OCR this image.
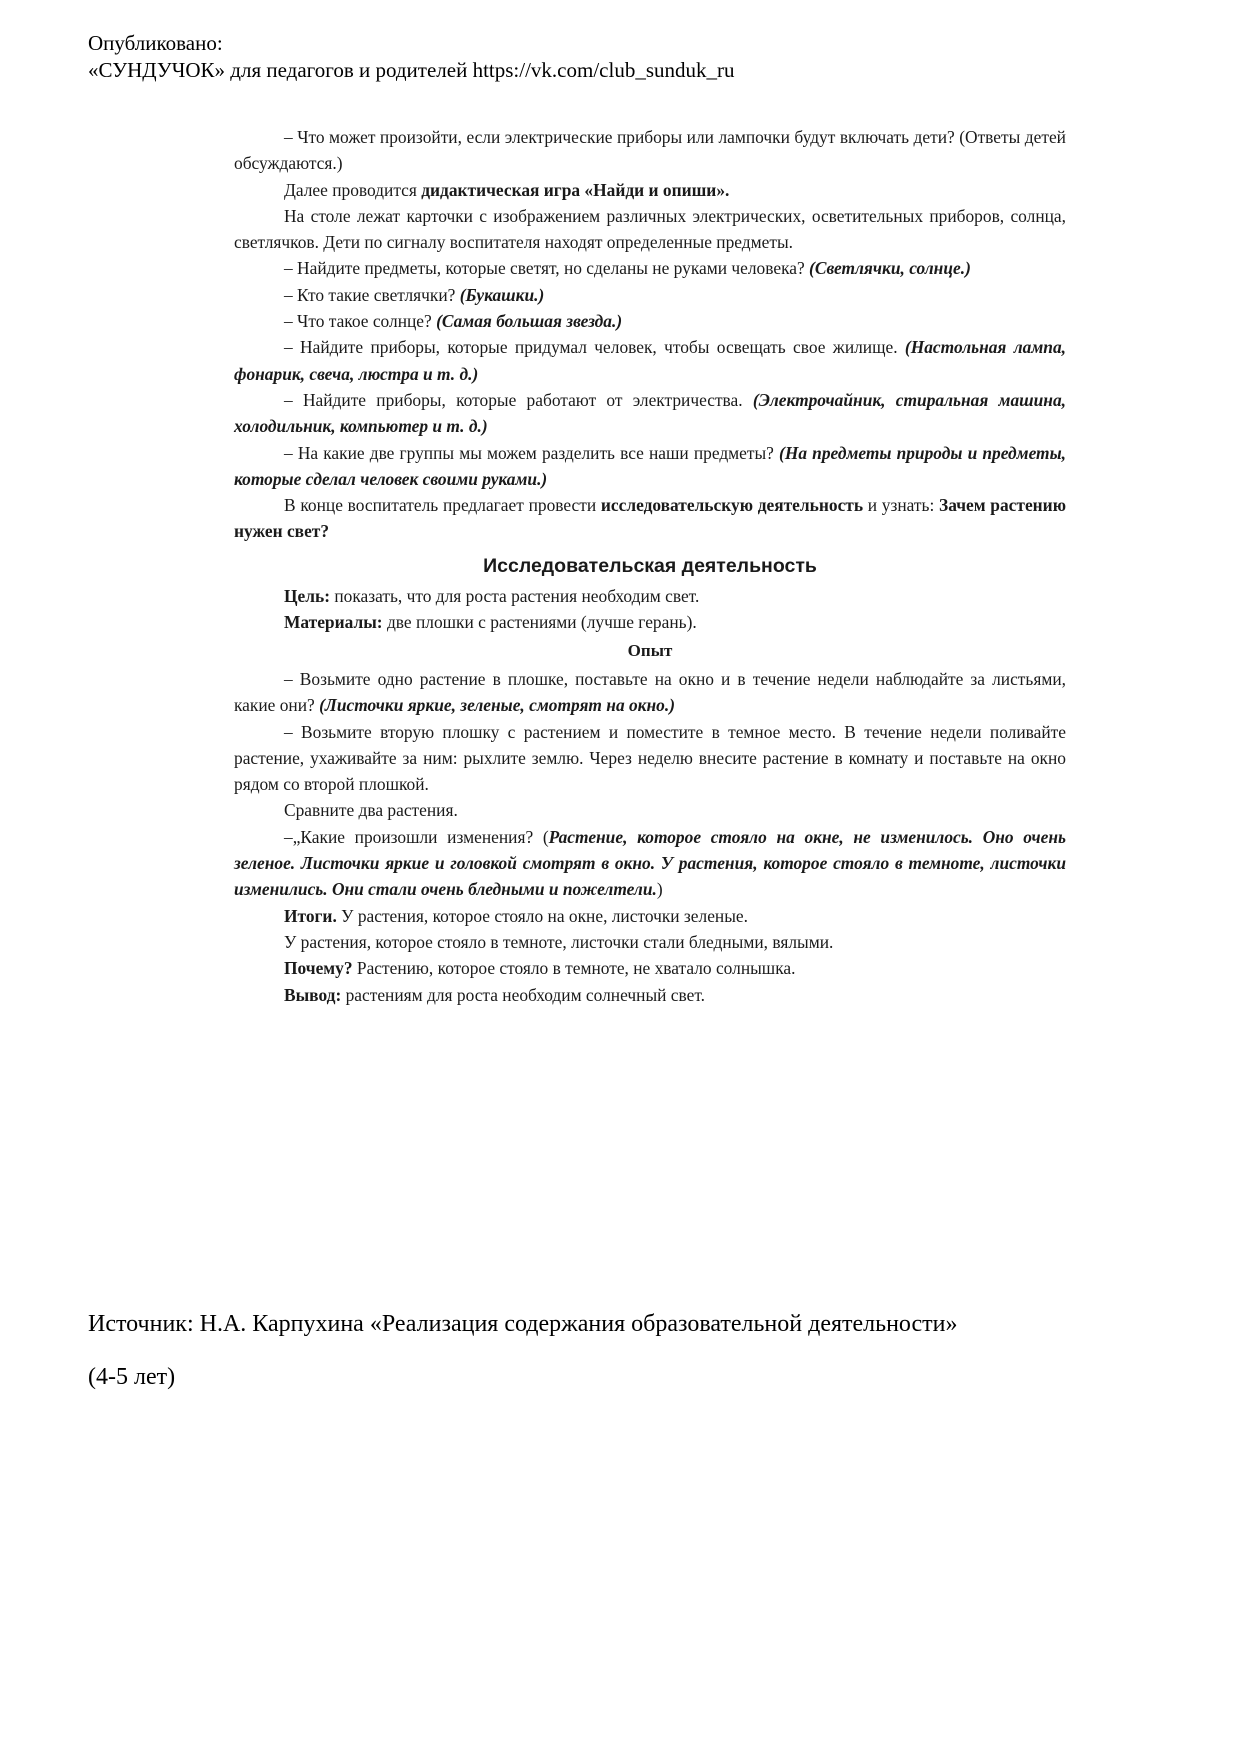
Опубликовано:
«СУНДУЧОК» для педагогов и родителей https://vk.com/club_sunduk_ru

– Что может произойти, если электрические приборы или лампочки будут включать дети? (Ответы детей обсуждаются.)

Далее проводится дидактическая игра «Найди и опиши».

На столе лежат карточки с изображением различных электрических, осветительных приборов, солнца, светлячков. Дети по сигналу воспитателя находят определенные предметы.

– Найдите предметы, которые светят, но сделаны не руками человека? (Светлячки, солнце.)

– Кто такие светлячки? (Букашки.)

– Что такое солнце? (Самая большая звезда.)

– Найдите приборы, которые придумал человек, чтобы освещать свое жилище. (Настольная лампа, фонарик, свеча, люстра и т. д.)

– Найдите приборы, которые работают от электричества. (Электрочайник, стиральная машина, холодильник, компьютер и т. д.)

– На какие две группы мы можем разделить все наши предметы? (На предметы природы и предметы, которые сделал человек своими руками.)

В конце воспитатель предлагает провести исследовательскую деятельность и узнать: Зачем растению нужен свет?

Исследовательская деятельность

Цель: показать, что для роста растения необходим свет.

Материалы: две плошки с растениями (лучше герань).

Опыт

– Возьмите одно растение в плошке, поставьте на окно и в течение недели наблюдайте за листьями, какие они? (Листочки яркие, зеленые, смотрят на окно.)

– Возьмите вторую плошку с растением и поместите в темное место. В течение недели поливайте растение, ухаживайте за ним: рыхлите землю. Через неделю внесите растение в комнату и поставьте на окно рядом со второй плошкой.

Сравните два растения.

–„Какие произошли изменения? (Растение, которое стояло на окне, не изменилось. Оно очень зеленое. Листочки яркие и головкой смотрят в окно. У растения, которое стояло в темноте, листочки изменились. Они стали очень бледными и пожелтели.)

Итоги. У растения, которое стояло на окне, листочки зеленые.

У растения, которое стояло в темноте, листочки стали бледными, вялыми.

Почему? Растению, которое стояло в темноте, не хватало солнышка.

Вывод: растениям для роста необходим солнечный свет.

Источник: Н.А. Карпухина «Реализация содержания образовательной деятельности»
(4-5 лет)
